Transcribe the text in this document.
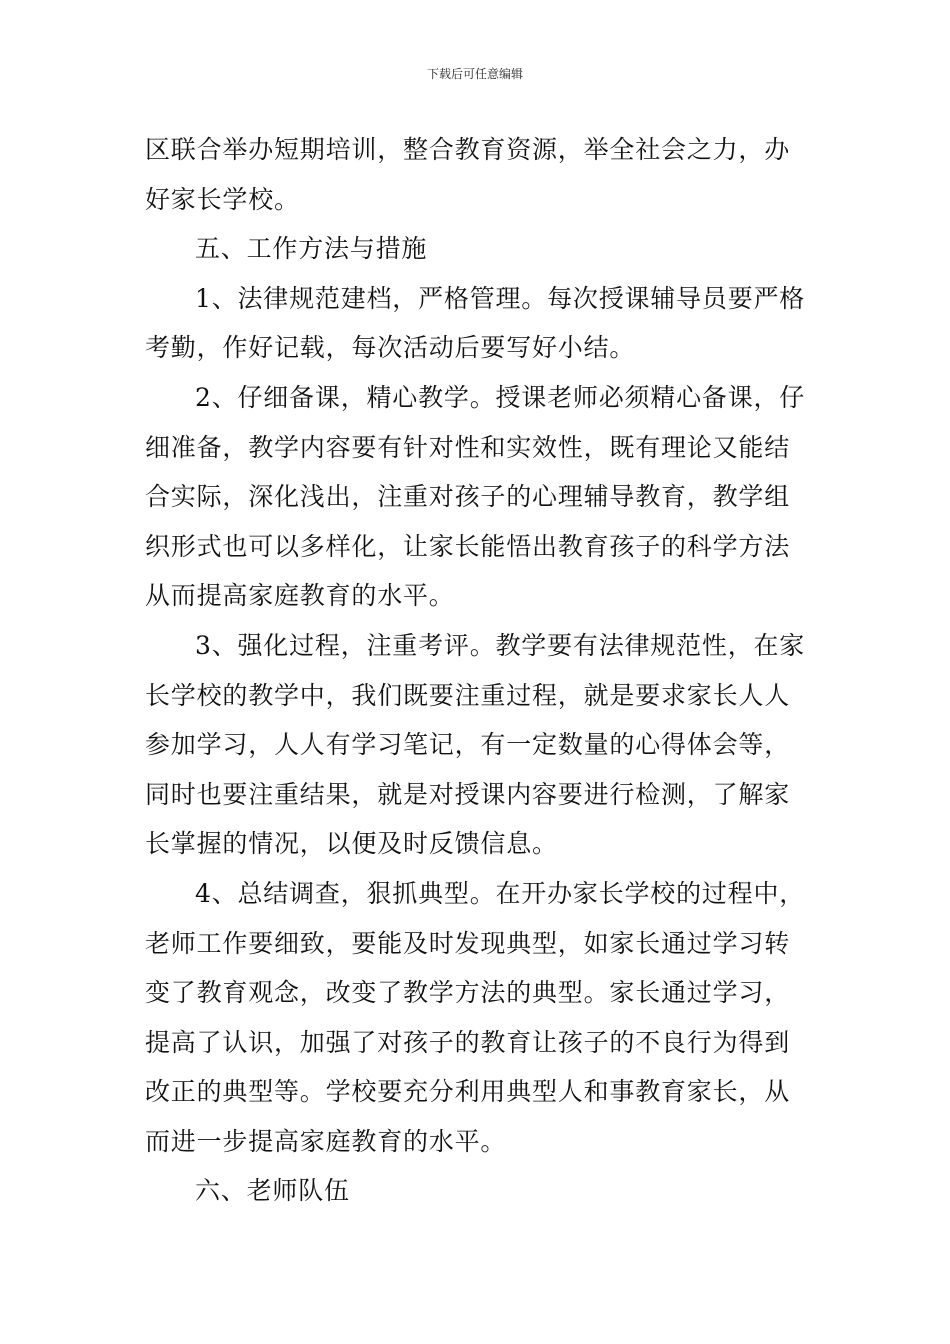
下载后可任意编辑
区联合举办短期培训，整合教育资源，举全社会之力，办
好家长学校。
五、工作方法与措施
1、法律规范建档，严格管理。每次授课辅导员要严格
考勤，作好记载，每次活动后要写好小结。
2、仔细备课，精心教学。授课老师必须精心备课，仔
细准备，教学内容要有针对性和实效性，既有理论又能结
合实际，深化浅出，注重对孩子的心理辅导教育，教学组
织形式也可以多样化，让家长能悟出教育孩子的科学方法
从而提高家庭教育的水平。
3、强化过程，注重考评。教学要有法律规范性，在家
长学校的教学中，我们既要注重过程，就是要求家长人人
参加学习，人人有学习笔记，有一定数量的心得体会等，
同时也要注重结果，就是对授课内容要进行检测，了解家
长掌握的情况，以便及时反馈信息。
4、总结调查，狠抓典型。在开办家长学校的过程中，
老师工作要细致，要能及时发现典型，如家长通过学习转
变了教育观念，改变了教学方法的典型。家长通过学习，
提高了认识，加强了对孩子的教育让孩子的不良行为得到
改正的典型等。学校要充分利用典型人和事教育家长，从
而进一步提高家庭教育的水平。
六、老师队伍
